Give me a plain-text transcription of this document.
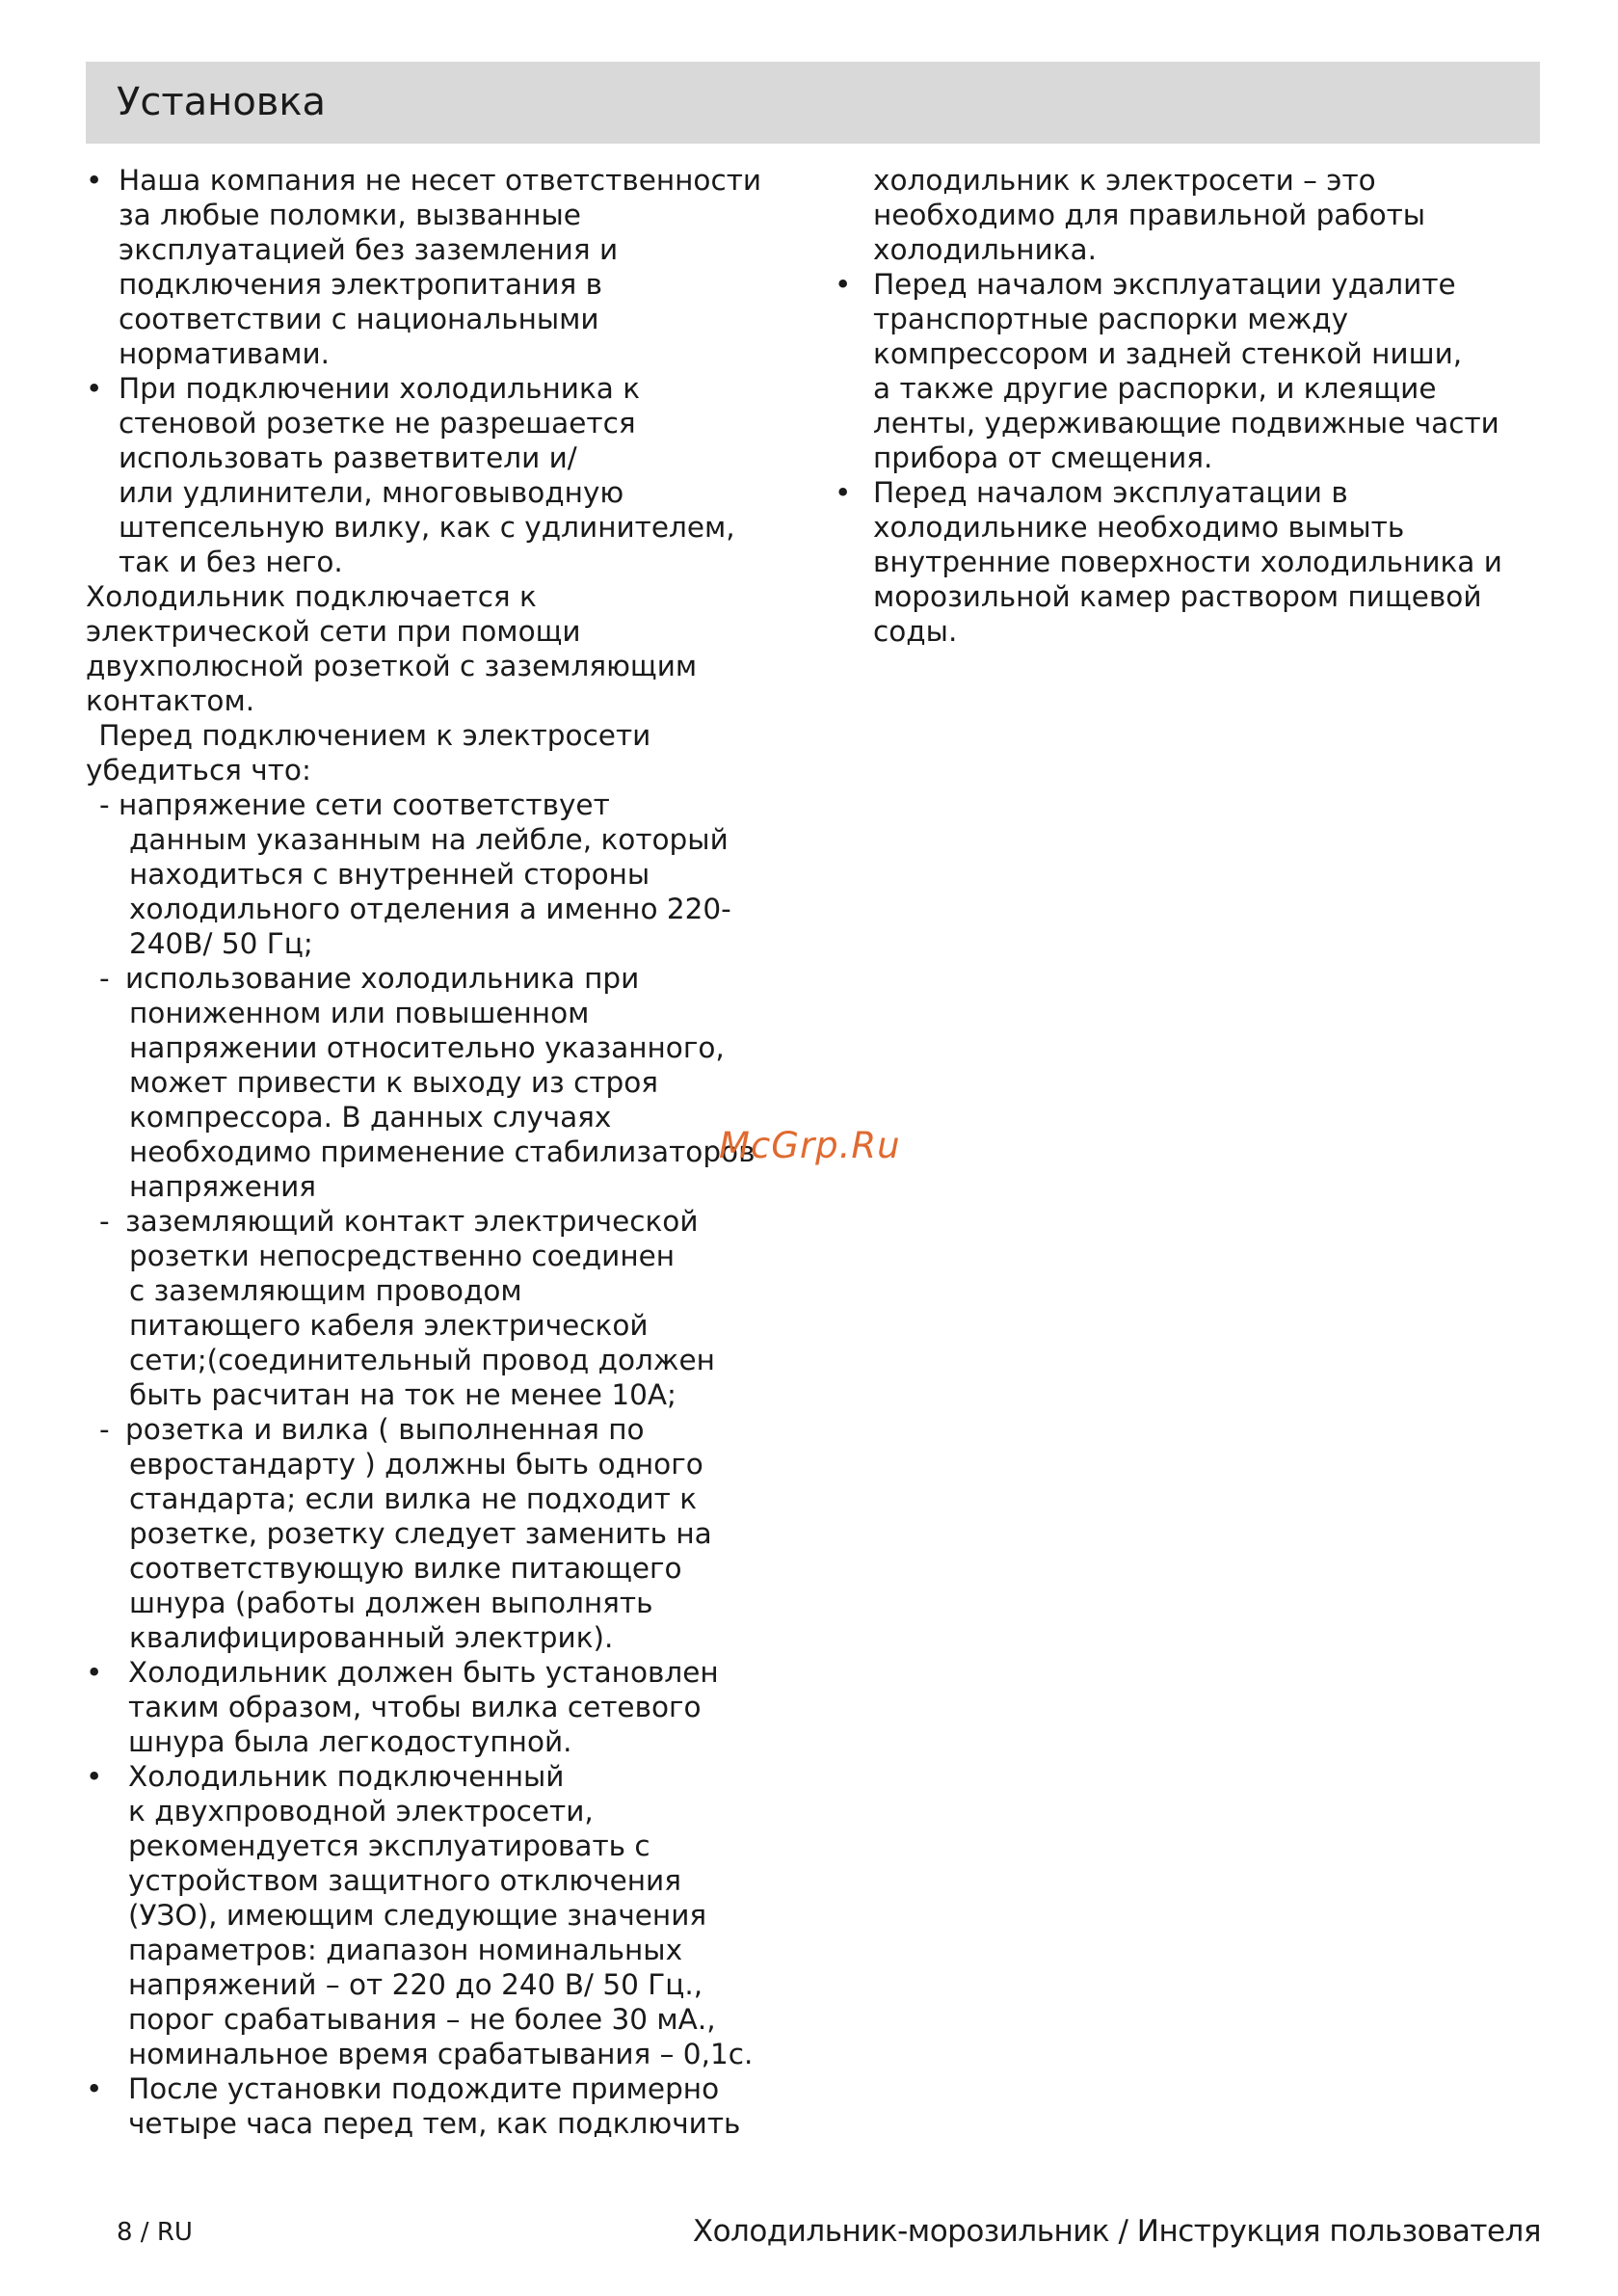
Установка
• Наша компания не несет ответственности
за любые поломки, вызванные
эксплуатацией без заземления и
подключения электропитания в
соответствии с национальными
нормативами.
• При подключении холодильника к
стеновой розетке не разрешается
использовать разветвители и/
или удлинители, многовыводную
штепсельную вилку, как с удлинителем,
так и без него.
Холодильник подключается к
электрической сети при помощи
двухполюсной розеткой с заземляющим
контактом.
Перед подключением к электросети
убедиться что:
- напряжение сети соответствует
данным указанным на лейбле, который
находиться с внутренней стороны
холодильного отделения а именно 220-
240В/ 50 Гц;
- использование холодильника при
пониженном или повышенном
напряжении относительно указанного,
может привести к выходу из строя
компрессора. В данных случаях
необходимо применение стабилизаторов
напряжения
- заземляющий контакт электрической
розетки непосредственно соединен
с заземляющим проводом
питающего кабеля электрической
сети;(соединительный провод должен
быть расчитан на ток не менее 10А;
- розетка и вилка ( выполненная по
евростандарту ) должны быть одного
стандарта; если вилка не подходит к
розетке, розетку следует заменить на
соответствующую вилке питающего
шнура (работы должен выполнять
квалифицированный электрик).
• Холодильник должен быть установлен
таким образом, чтобы вилка сетевого
шнура была легкодоступной.
• Холодильник подключенный
к двухпроводной электросети,
рекомендуется эксплуатировать с
устройством защитного отключения
(УЗО), имеющим следующие значения
параметров: диапазон номинальных
напряжений – от 220 до 240 В/ 50 Гц.,
порог срабатывания – не более 30 мА.,
номинальное время срабатывания – 0,1с.
• После установки подождите примерно
четыре часа перед тем, как подключить
холодильник к электросети – это
необходимо для правильной работы
холодильника.
• Перед началом эксплуатации удалите
транспортные распорки между
компрессором и задней стенкой ниши,
а также другие распорки, и клеящие
ленты, удерживающие подвижные части
прибора от смещения.
• Перед началом эксплуатации в
холодильнике необходимо вымыть
внутренние поверхности холодильника и
морозильной камер раствором пищевой
соды.
McGrp.Ru
8 / RU	Холодильник-морозильник / Инструкция пользователя
